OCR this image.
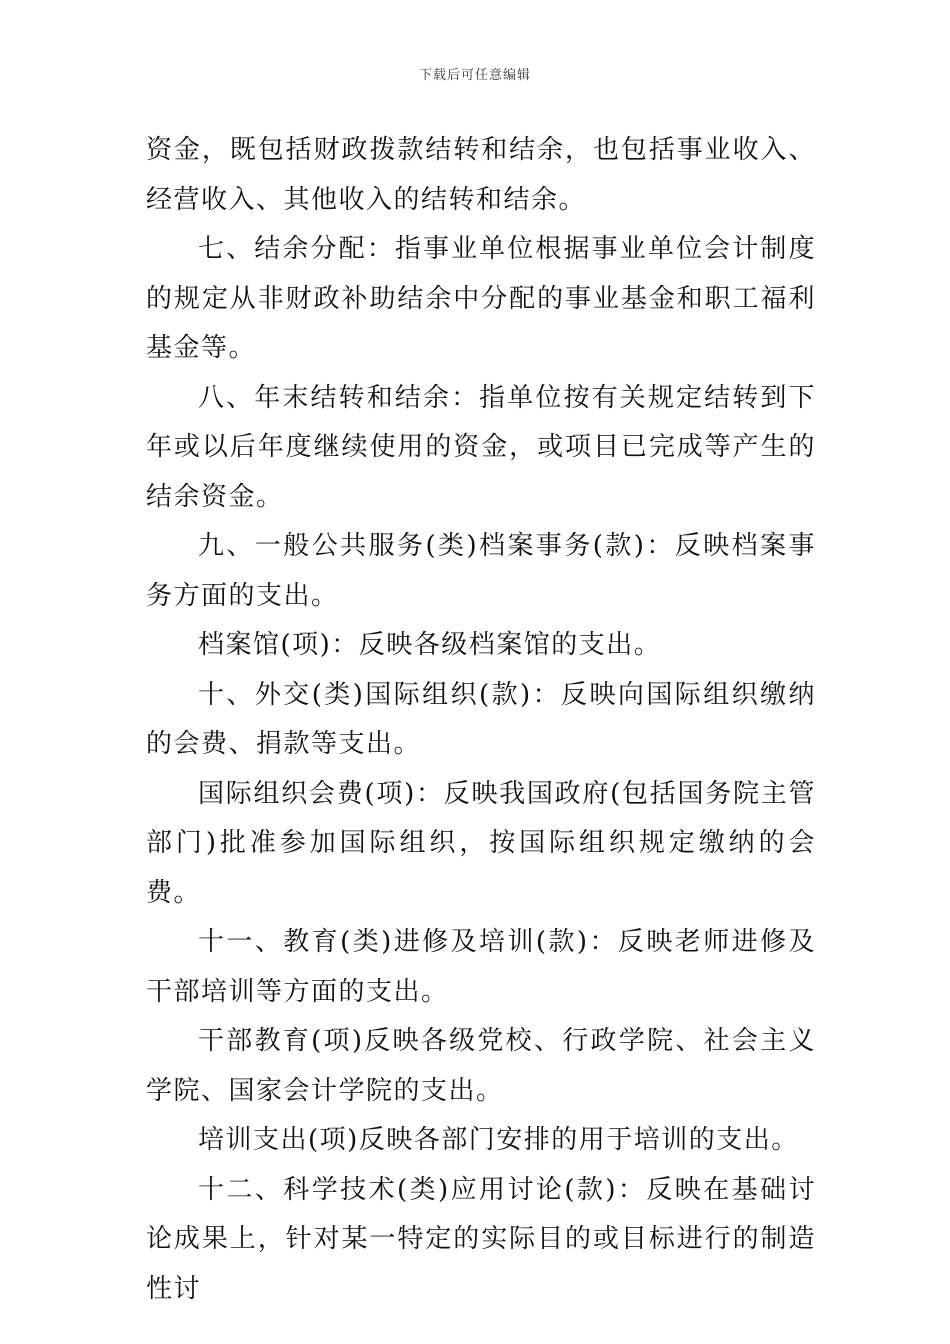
下载后可任意编辑

资金，既包括财政拨款结转和结余，也包括事业收入、经营收入、其他收入的结转和结余。

七、结余分配：指事业单位根据事业单位会计制度的规定从非财政补助结余中分配的事业基金和职工福利基金等。

八、年末结转和结余：指单位按有关规定结转到下年或以后年度继续使用的资金，或项目已完成等产生的结余资金。

九、一般公共服务(类)档案事务(款)：反映档案事务方面的支出。

档案馆(项)：反映各级档案馆的支出。

十、外交(类)国际组织(款)：反映向国际组织缴纳的会费、捐款等支出。

国际组织会费(项)：反映我国政府(包括国务院主管部门)批准参加国际组织，按国际组织规定缴纳的会费。

十一、教育(类)进修及培训(款)：反映老师进修及干部培训等方面的支出。

干部教育(项)反映各级党校、行政学院、社会主义学院、国家会计学院的支出。

培训支出(项)反映各部门安排的用于培训的支出。

十二、科学技术(类)应用讨论(款)：反映在基础讨论成果上，针对某一特定的实际目的或目标进行的制造性讨
